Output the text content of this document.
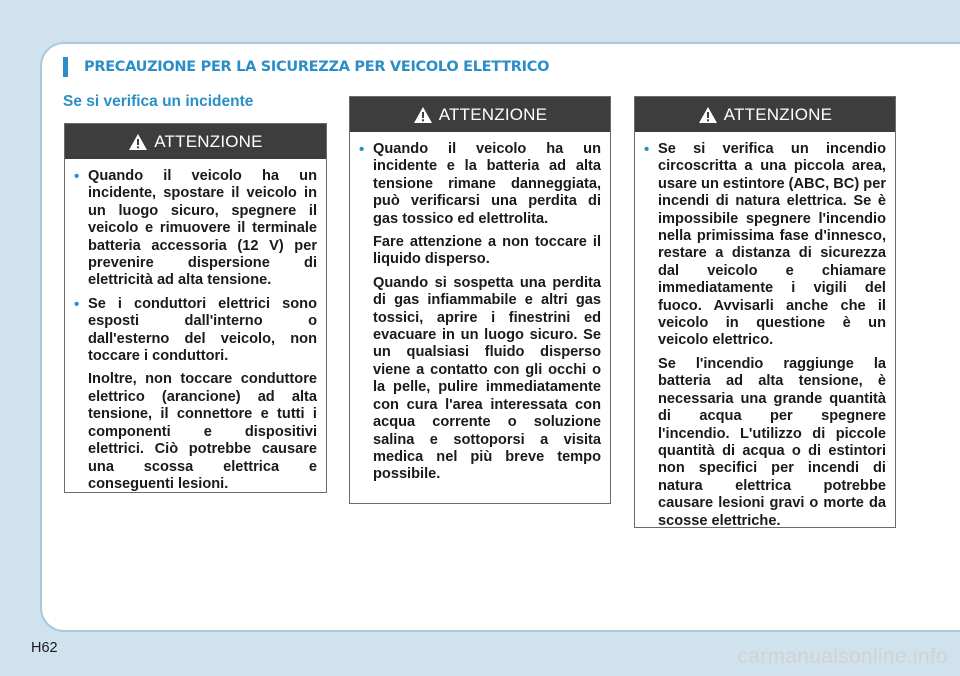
PRECAUZIONE PER LA SICUREZZA PER VEICOLO ELETTRICO
Se si verifica un incidente
ATTENZIONE
• Quando il veicolo ha un incidente, spostare il veicolo in un luogo sicuro, spegnere il veicolo e rimuovere il terminale batteria accessoria (12 V) per prevenire dispersione di elettricità ad alta tensione.
• Se i conduttori elettrici sono esposti dall'interno o dall'esterno del veicolo, non toccare i conduttori.
Inoltre, non toccare conduttore elettrico (arancione) ad alta tensione, il connettore e tutti i componenti e dispositivi elettrici. Ciò potrebbe causare una scossa elettrica e conseguenti lesioni.
ATTENZIONE
• Quando il veicolo ha un incidente e la batteria ad alta tensione rimane danneggiata, può verificarsi una perdita di gas tossico ed elettrolita.
Fare attenzione a non toccare il liquido disperso.
Quando si sospetta una perdita di gas infiammabile e altri gas tossici, aprire i finestrini ed evacuare in un luogo sicuro. Se un qualsiasi fluido disperso viene a contatto con gli occhi o la pelle, pulire immediatamente con cura l'area interessata con acqua corrente o soluzione salina e sottoporsi a visita medica nel più breve tempo possibile.
ATTENZIONE
• Se si verifica un incendio circoscritta a una piccola area, usare un estintore (ABC, BC) per incendi di natura elettrica. Se è impossibile spegnere l'incendio nella primissima fase d'innesco, restare a distanza di sicurezza dal veicolo e chiamare immediatamente i vigili del fuoco. Avvisarli anche che il veicolo in questione è un veicolo elettrico.
Se l'incendio raggiunge la batteria ad alta tensione, è necessaria una grande quantità di acqua per spegnere l'incendio. L'utilizzo di piccole quantità di acqua o di estintori non specifici per incendi di natura elettrica potrebbe causare lesioni gravi o morte da scosse elettriche.
H62	carmanualsonline.info
